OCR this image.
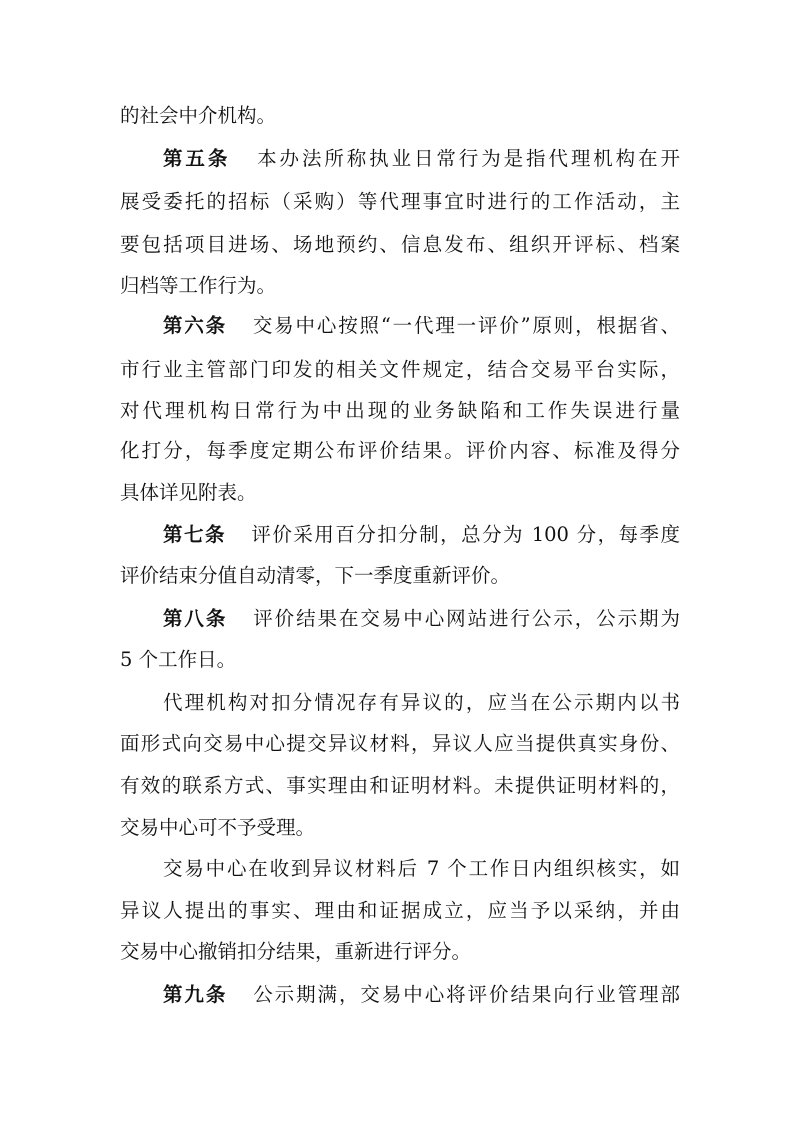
的社会中介机构。
第五条 本办法所称执业日常行为是指代理机构在开
展受委托的招标（采购）等代理事宜时进行的工作活动，主
要包括项目进场、场地预约、信息发布、组织开评标、档案
归档等工作行为。
第六条 交易中心按照“一代理一评价”原则，根据省、
市行业主管部门印发的相关文件规定，结合交易平台实际，
对代理机构日常行为中出现的业务缺陷和工作失误进行量
化打分，每季度定期公布评价结果。评价内容、标准及得分
具体详见附表。
第七条 评价采用百分扣分制，总分为 100 分，每季度
评价结束分值自动清零，下一季度重新评价。
第八条 评价结果在交易中心网站进行公示，公示期为
5 个工作日。
代理机构对扣分情况存有异议的，应当在公示期内以书
面形式向交易中心提交异议材料，异议人应当提供真实身份、
有效的联系方式、事实理由和证明材料。未提供证明材料的，
交易中心可不予受理。
交易中心在收到异议材料后 7 个工作日内组织核实，如
异议人提出的事实、理由和证据成立，应当予以采纳，并由
交易中心撤销扣分结果，重新进行评分。
第九条 公示期满，交易中心将评价结果向行业管理部
